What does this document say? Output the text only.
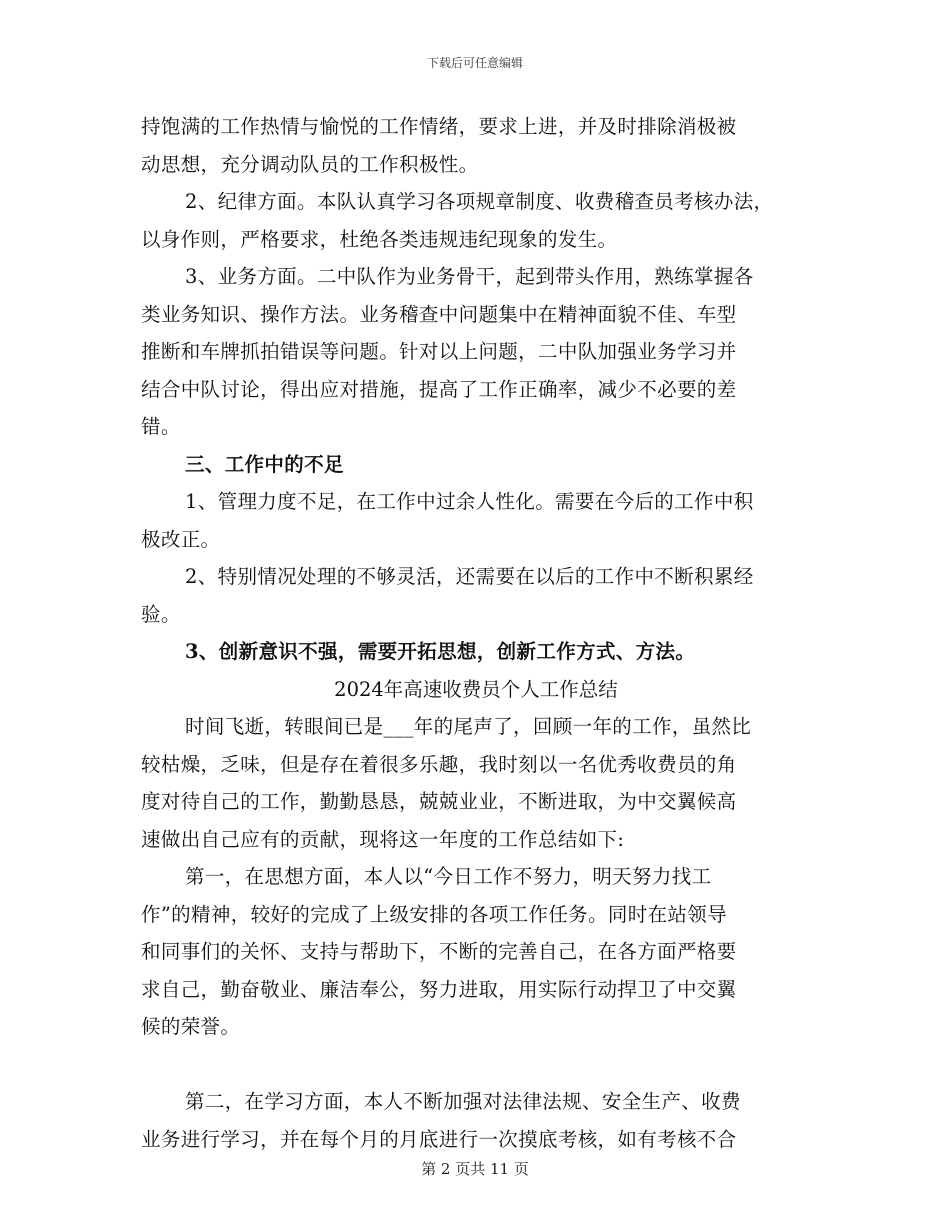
下载后可任意编辑
持饱满的工作热情与愉悦的工作情绪，要求上进，并及时排除消极被
动思想，充分调动队员的工作积极性。
2、纪律方面。本队认真学习各项规章制度、收费稽查员考核办法，
以身作则，严格要求，杜绝各类违规违纪现象的发生。
3、业务方面。二中队作为业务骨干，起到带头作用，熟练掌握各
类业务知识、操作方法。业务稽查中问题集中在精神面貌不佳、车型
推断和车牌抓拍错误等问题。针对以上问题，二中队加强业务学习并
结合中队讨论，得出应对措施，提高了工作正确率，减少不必要的差
错。
三、工作中的不足
1、管理力度不足，在工作中过余人性化。需要在今后的工作中积
极改正。
2、特别情况处理的不够灵活，还需要在以后的工作中不断积累经
验。
3、创新意识不强，需要开拓思想，创新工作方式、方法。
2024年高速收费员个人工作总结
时间飞逝，转眼间已是___年的尾声了，回顾一年的工作，虽然比
较枯燥，乏味，但是存在着很多乐趣，我时刻以一名优秀收费员的角
度对待自己的工作，勤勤恳恳，兢兢业业，不断进取，为中交翼候高
速做出自己应有的贡献，现将这一年度的工作总结如下:
第一，在思想方面，本人以“今日工作不努力，明天努力找工
作”的精神，较好的完成了上级安排的各项工作任务。同时在站领导
和同事们的关怀、支持与帮助下，不断的完善自己，在各方面严格要
求自己，勤奋敬业、廉洁奉公，努力进取，用实际行动捍卫了中交翼
候的荣誉。
第二，在学习方面，本人不断加强对法律法规、安全生产、收费
业务进行学习，并在每个月的月底进行一次摸底考核，如有考核不合
第 2 页共 11 页
